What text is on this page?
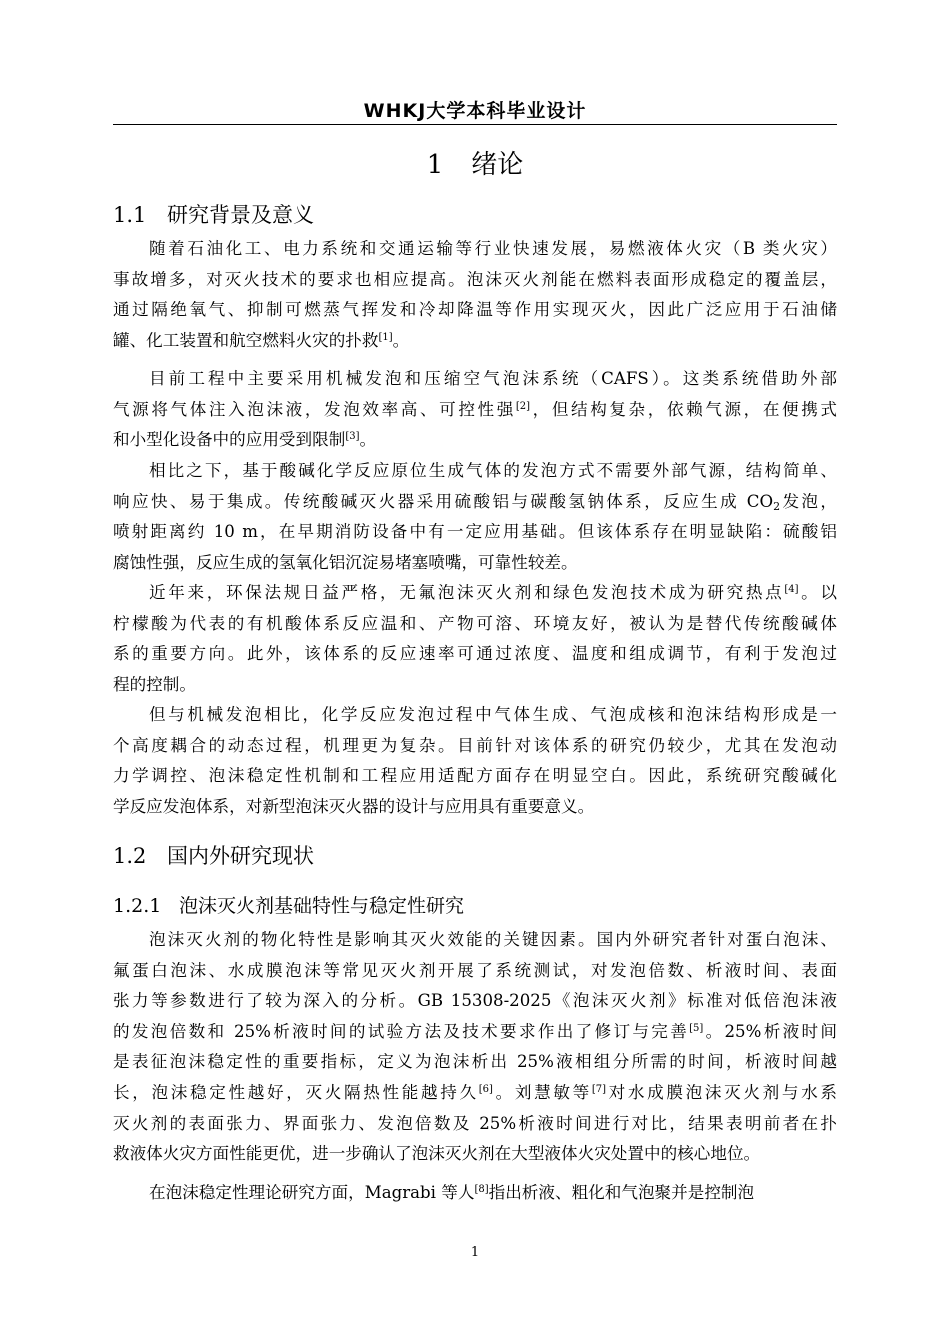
WHKJ大学本科毕业设计
1 绪论
1.1 研究背景及意义
随着石油化工、电力系统和交通运输等行业快速发展，易燃液体火灾（B 类火灾）
事故增多，对灭火技术的要求也相应提高。泡沫灭火剂能在燃料表面形成稳定的覆盖层，
通过隔绝氧气、抑制可燃蒸气挥发和冷却降温等作用实现灭火，因此广泛应用于石油储
罐、化工装置和航空燃料火灾的扑救[1]。
目前工程中主要采用机械发泡和压缩空气泡沫系统（CAFS）。这类系统借助外部
气源将气体注入泡沫液，发泡效率高、可控性强[2]，但结构复杂，依赖气源，在便携式
和小型化设备中的应用受到限制[3]。
相比之下，基于酸碱化学反应原位生成气体的发泡方式不需要外部气源，结构简单、
响应快、易于集成。传统酸碱灭火器采用硫酸铝与碳酸氢钠体系，反应生成 $CO_2$发泡，
喷射距离约 10 m，在早期消防设备中有一定应用基础。但该体系存在明显缺陷：硫酸铝
腐蚀性强，反应生成的氢氧化铝沉淀易堵塞喷嘴，可靠性较差。
近年来，环保法规日益严格，无氟泡沫灭火剂和绿色发泡技术成为研究热点[4]。以
柠檬酸为代表的有机酸体系反应温和、产物可溶、环境友好，被认为是替代传统酸碱体
系的重要方向。此外，该体系的反应速率可通过浓度、温度和组成调节，有利于发泡过
程的控制。
但与机械发泡相比，化学反应发泡过程中气体生成、气泡成核和泡沫结构形成是一
个高度耦合的动态过程，机理更为复杂。目前针对该体系的研究仍较少，尤其在发泡动
力学调控、泡沫稳定性机制和工程应用适配方面存在明显空白。因此，系统研究酸碱化
学反应发泡体系，对新型泡沫灭火器的设计与应用具有重要意义。
1.2 国内外研究现状
1.2.1 泡沫灭火剂基础特性与稳定性研究
泡沫灭火剂的物化特性是影响其灭火效能的关键因素。国内外研究者针对蛋白泡沫、
氟蛋白泡沫、水成膜泡沫等常见灭火剂开展了系统测试，对发泡倍数、析液时间、表面
张力等参数进行了较为深入的分析。GB 15308-2025《泡沫灭火剂》标准对低倍泡沫液
的发泡倍数和 25%析液时间的试验方法及技术要求作出了修订与完善[5]。25%析液时间
是表征泡沫稳定性的重要指标，定义为泡沫析出 25%液相组分所需的时间，析液时间越
长，泡沫稳定性越好，灭火隔热性能越持久[6]。刘慧敏等[7]对水成膜泡沫灭火剂与水系
灭火剂的表面张力、界面张力、发泡倍数及 25%析液时间进行对比，结果表明前者在扑
救液体火灾方面性能更优，进一步确认了泡沫灭火剂在大型液体火灾处置中的核心地位。
在泡沫稳定性理论研究方面，Magrabi 等人[8]指出析液、粗化和气泡聚并是控制泡
1
